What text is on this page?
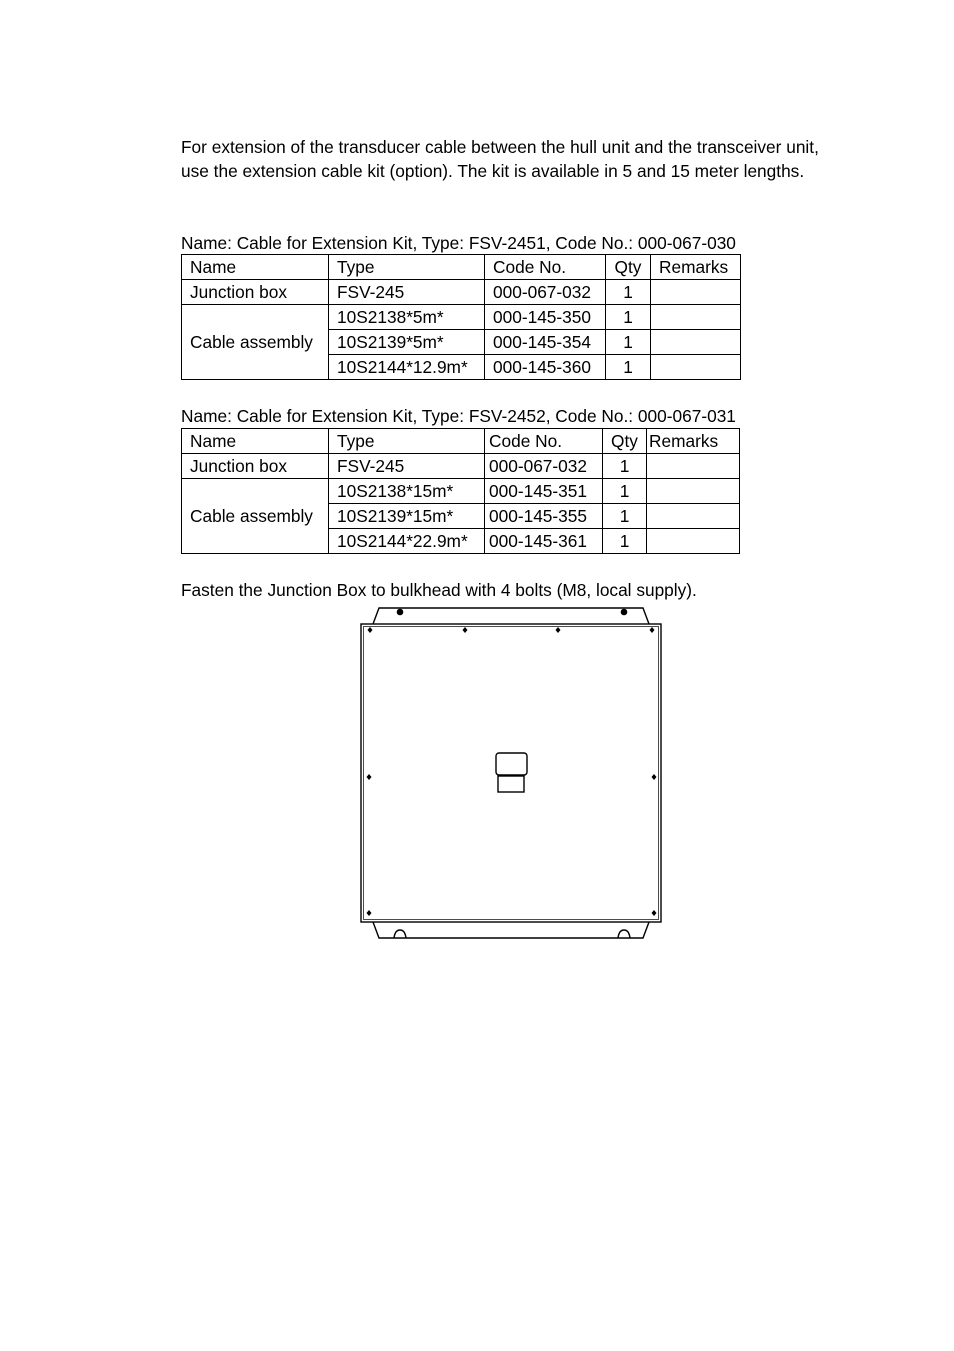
For extension of the transducer cable between the hull unit and the transceiver unit, use the extension cable kit (option). The kit is available in 5 and 15 meter lengths.

Name: Cable for Extension Kit, Type: FSV-2451, Code No.: 000-067-030
Name	Type	Code No.	Qty	Remarks
Junction box	FSV-245	000-067-032	1	
Cable assembly	10S2138*5m*	000-145-350	1	
	10S2139*5m*	000-145-354	1	
	10S2144*12.9m*	000-145-360	1	
Name: Cable for Extension Kit, Type: FSV-2452, Code No.: 000-067-031
Name	Type	Code No.	Qty	Remarks
Junction box	FSV-245	000-067-032	1	
Cable assembly	10S2138*15m*	000-145-351	1	
	10S2139*15m*	000-145-355	1	
	10S2144*22.9m*	000-145-361	1	
Fasten the Junction Box to bulkhead with 4 bolts (M8, local supply).
